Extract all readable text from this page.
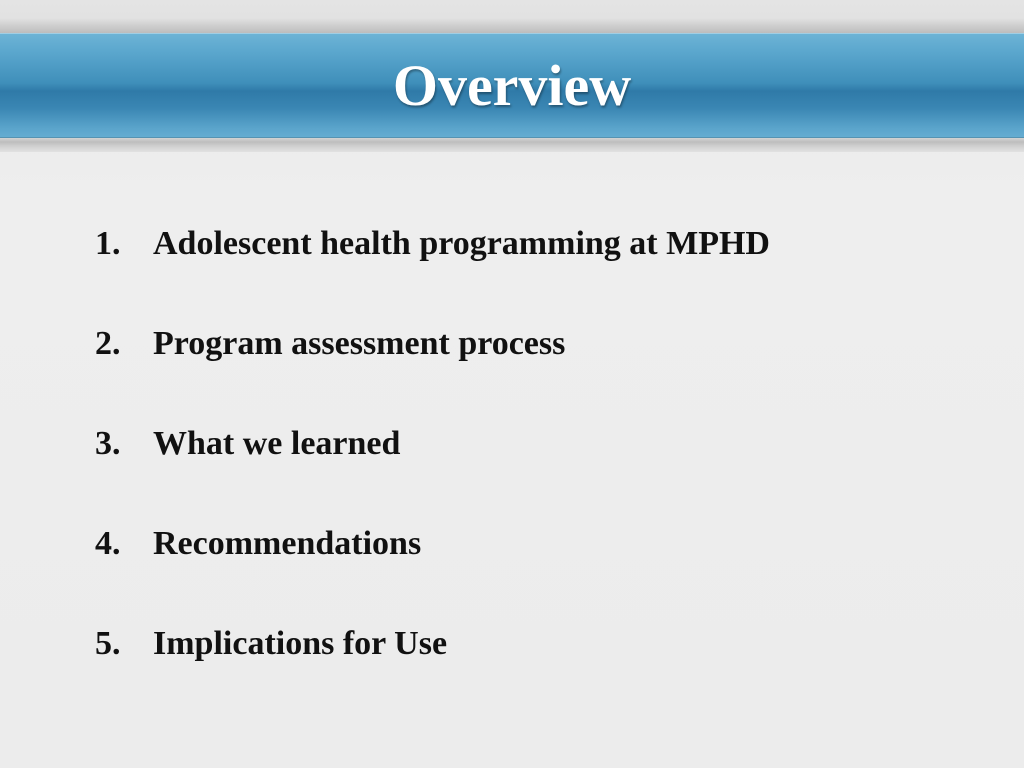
Overview
1. Adolescent health programming at MPHD
2. Program assessment process
3. What we learned
4. Recommendations
5. Implications for Use
